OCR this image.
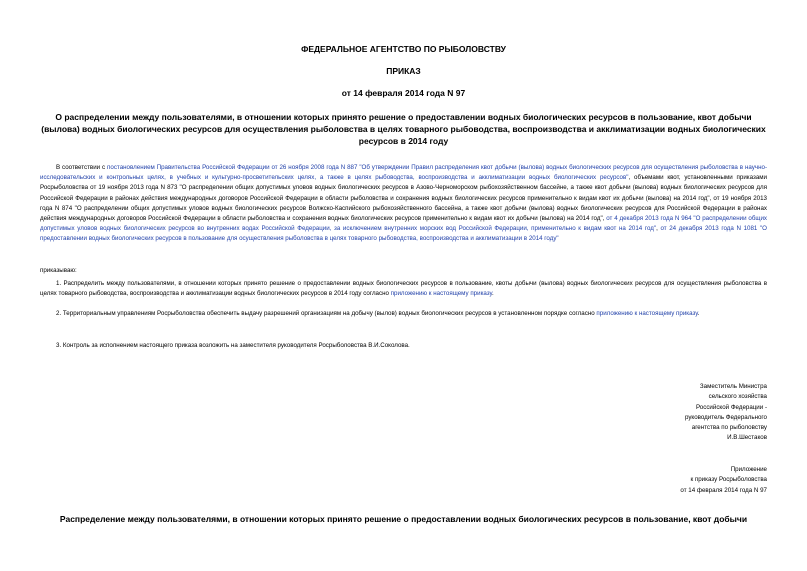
ФЕДЕРАЛЬНОЕ АГЕНТСТВО ПО РЫБОЛОВСТВУ
ПРИКАЗ
от 14 февраля 2014 года N 97
О распределении между пользователями, в отношении которых принято решение о предоставлении водных биологических ресурсов в пользование, квот добычи (вылова) водных биологических ресурсов для осуществления рыболовства в целях товарного рыбоводства, воспроизводства и акклиматизации водных биологических ресурсов в 2014 году
В соответствии с постановлением Правительства Российской Федерации от 26 ноября 2008 года N 887 "Об утверждении Правил распределения квот добычи (вылова) водных биологических ресурсов для осуществления рыболовства в научно-исследовательских и контрольных целях, в учебных и культурно-просветительских целях, а также в целях рыбоводства, воспроизводства и акклиматизации водных биологических ресурсов", объемами квот, установленными приказами Росрыболовства от 19 ноября 2013 года N 873 "О распределении общих допустимых уловов водных биологических ресурсов в Азово-Черноморском рыбохозяйственном бассейне, а также квот добычи (вылова) водных биологических ресурсов для Российской Федерации в районах действия международных договоров Российской Федерации в области рыболовства и сохранения водных биологических ресурсов применительно к видам квот их добычи (вылова) на 2014 год", от 19 ноября 2013 года N 874 "О распределении общих допустимых уловов водных биологических ресурсов Волжско-Каспийского рыбохозяйственного бассейна, а также квот добычи (вылова) водных биологических ресурсов для Российской Федерации в районах действия международных договоров Российской Федерации в области рыболовства и сохранения водных биологических ресурсов применительно к видам квот их добычи (вылова) на 2014 год", от 4 декабря 2013 года N 964 "О распределении общих допустимых уловов водных биологических ресурсов во внутренних водах Российской Федерации, за исключением внутренних морских вод Российской Федерации, применительно к видам квот на 2014 год", от 24 декабря 2013 года N 1081 "О предоставлении водных биологических ресурсов в пользование для осуществления рыболовства в целях товарного рыбоводства, воспроизводства и акклиматизации в 2014 году"
приказываю:
1. Распределить между пользователями, в отношении которых принято решение о предоставлении водных биологических ресурсов в пользование, квоты добычи (вылова) водных биологических ресурсов для осуществления рыболовства в целях товарного рыбоводства, воспроизводства и акклиматизации водных биологических ресурсов в 2014 году согласно приложению к настоящему приказу.
2. Территориальным управлениям Росрыболовства обеспечить выдачу разрешений организациям на добычу (вылов) водных биологических ресурсов в установленном порядке согласно приложению к настоящему приказу.
3. Контроль за исполнением настоящего приказа возложить на заместителя руководителя Росрыболовства В.И.Соколова.
Заместитель Министра
сельского хозяйства
Российской Федерации -
руководитель Федерального
агентства по рыболовству
И.В.Шестаков
Приложение
к приказу Росрыболовства
от 14 февраля 2014 года N 97
Распределение между пользователями, в отношении которых принято решение о предоставлении водных биологических ресурсов в пользование, квот добычи
